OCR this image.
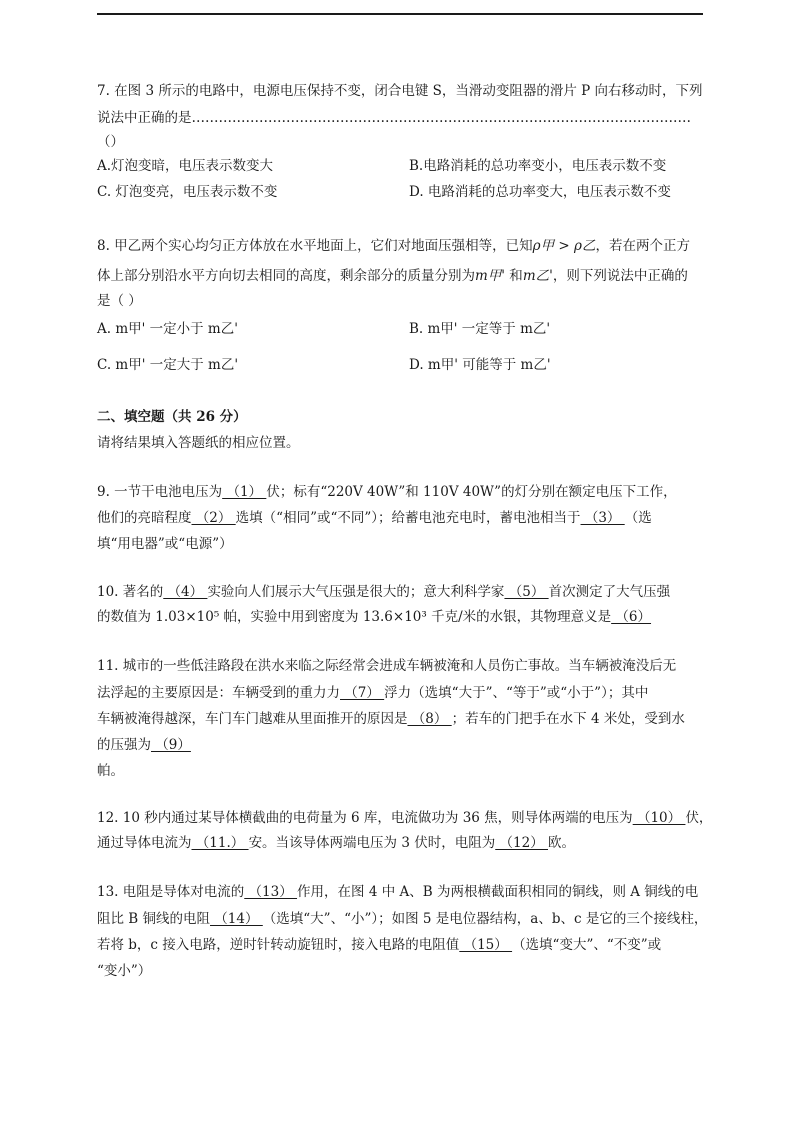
7. 在图 3 所示的电路中，电源电压保持不变，闭合电键 S，当滑动变阻器的滑片 P 向右移动时，下列
说法中正确的是…………………………………………………………………………………………………
（）
A.灯泡变暗，电压表示数变大	B.电路消耗的总功率变小，电压表示数不变
C. 灯泡变亮，电压表示数不变	D. 电路消耗的总功率变大，电压表示数不变
8. 甲乙两个实心均匀正方体放在水平地面上，它们对地面压强相等，已知ρ甲 > ρ乙，若在两个正方
体上部分别沿水平方向切去相同的高度，剩余部分的质量分别为m甲' 和m乙'，则下列说法中正确的
是（ ）
A. m甲' 一定小于 m乙'	B. m甲' 一定等于 m乙'
C. m甲' 一定大于 m乙'	D. m甲' 可能等于 m乙'
二、填空题（共 26 分）
请将结果填入答题纸的相应位置。
9. 一节干电池电压为 （1） 伏；标有“220V 40W”和 110V 40W”的灯分别在额定电压下工作，
他们的亮暗程度 （2） 选填（“相同”或“不同”）；给蓄电池充电时，蓄电池相当于 （3） （选
填“用电器”或“电源”）
10. 著名的 （4） 实验向人们展示大气压强是很大的；意大利科学家 （5） 首次测定了大气压强
的数值为 1.03×10⁵ 帕，实验中用到密度为 13.6×10³ 千克/米的水银，其物理意义是 （6）
11. 城市的一些低洼路段在洪水来临之际经常会进成车辆被淹和人员伤亡事故。当车辆被淹没后无
法浮起的主要原因是：车辆受到的重力力 （7） 浮力（选填“大于”、“等于”或“小于”）；其中
车辆被淹得越深，车门车门越难从里面推开的原因是 （8） ；若车的门把手在水下 4 米处，受到水
的压强为 （9）
帕。
12. 10 秒内通过某导体横截曲的电荷量为 6 库，电流做功为 36 焦，则导体两端的电压为 （10） 伏，
通过导体电流为 （11.） 安。当该导体两端电压为 3 伏时，电阻为 （12） 欧。
13. 电阻是导体对电流的 （13） 作用，在图 4 中 A、B 为两根横截面积相同的铜线，则 A 铜线的电
阻比 B 铜线的电阻 （14） （选填“大”、“小”）；如图 5 是电位器结构，a、b、c 是它的三个接线柱，
若将 b，c 接入电路，逆时针转动旋钮时，接入电路的电阻值 （15） （选填“变大”、“不变”或
“变小”）
